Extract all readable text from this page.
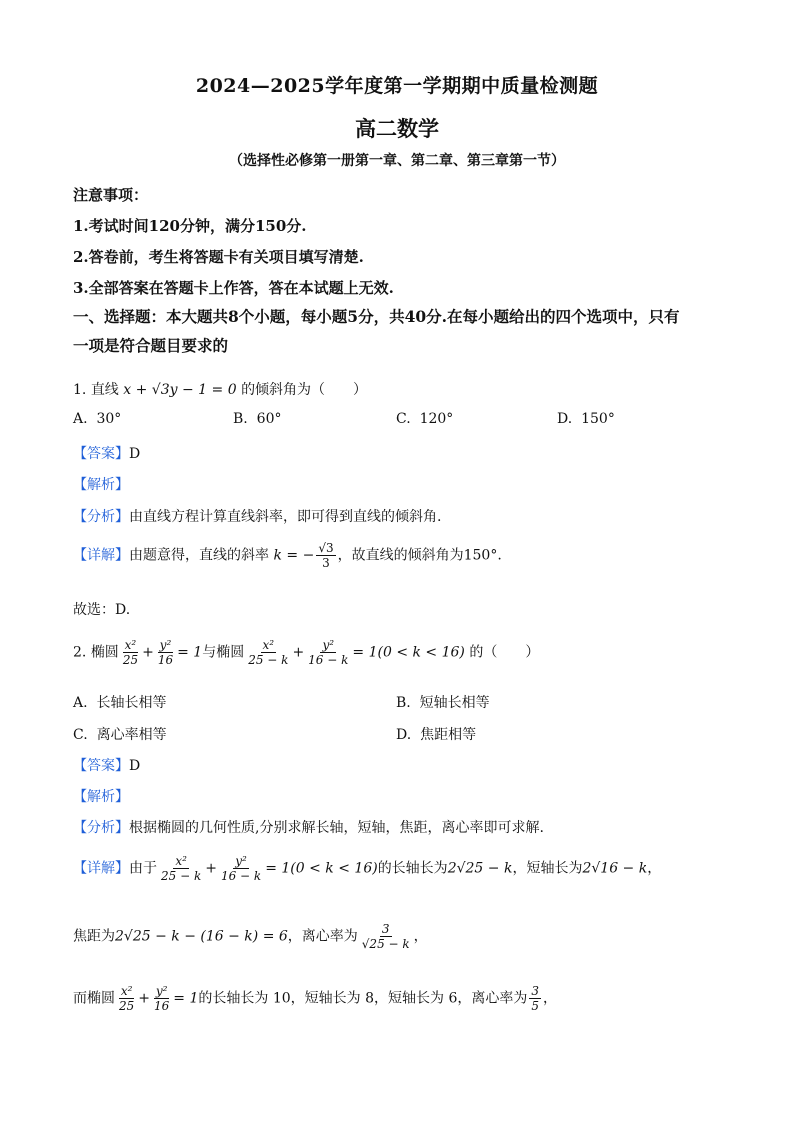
2024—2025学年度第一学期期中质量检测题
高二数学
（选择性必修第一册第一章、第二章、第三章第一节）
注意事项：
1.考试时间120分钟，满分150分.
2.答卷前，考生将答题卡有关项目填写清楚.
3.全部答案在答题卡上作答，答在本试题上无效.
一、选择题：本大题共8个小题，每小题5分，共40分.在每小题给出的四个选项中，只有
一项是符合题目要求的
1. 直线 x + √3y − 1 = 0 的倾斜角为（　　）
A. 30°	B. 60°	C. 120°	D. 150°
【答案】D
【解析】
【分析】由直线方程计算直线斜率，即可得到直线的倾斜角.
【详解】由题意得，直线的斜率 k = − $\frac{√3}{3}$ ，故直线的倾斜角为150°.
故选：D.
2. 椭圆 $\frac{\text{x²}}{25} + \frac{\text{y²}}{16} = 1$与椭圆 $\frac{\text{x²}}{25 - k} + \frac{\text{y²}}{16 - k} = 1(0 < k < 16)$ 的（　　）
A. 长轴长相等	B. 短轴长相等
C. 离心率相等	D. 焦距相等
【答案】D
【解析】
【分析】根据椭圆的几何性质,分别求解长轴，短轴，焦距，离心率即可求解.
【详解】由于 $\frac{\text{x²}}{25 - k} + \frac{\text{y²}}{16 - k} = 1(0 < k < 16)$的长轴长为2√25 − k，短轴长为2√16 − k，
焦距为2√25 − k − (16 − k) = 6，离心率为 $\frac{3}{√25 - k}$ ，
而椭圆 $\frac{\text{x²}}{25} + \frac{\text{y²}}{16} = 1$的长轴长为 10，短轴长为 8，短轴长为 6，离心率为 $\frac{3}{5}$ ，
